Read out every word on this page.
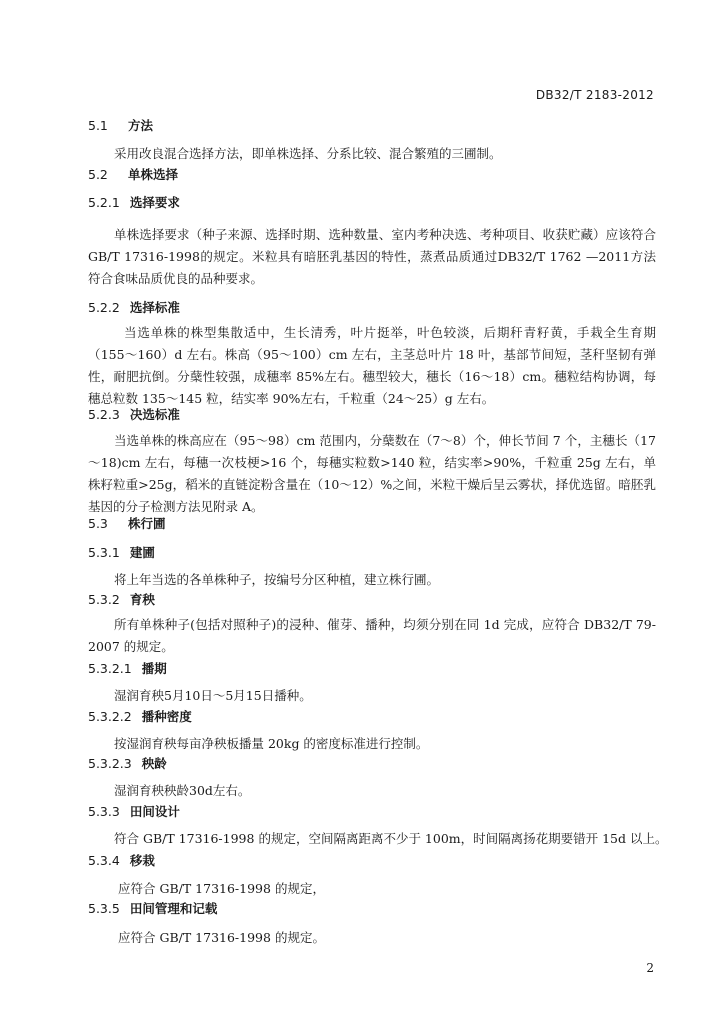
DB32/T 2183-2012
5.1 方法
采用改良混合选择方法，即单株选择、分系比较、混合繁殖的三圃制。
5.2 单株选择
5.2.1 选择要求
单株选择要求（种子来源、选择时期、选种数量、室内考种决选、考种项目、收获贮藏）应该符合GB/T 17316-1998的规定。米粒具有暗胚乳基因的特性，蒸煮品质通过DB32/T 1762 —2011方法符合食味品质优良的品种要求。
5.2.2 选择标准
当选单株的株型集散适中，生长清秀，叶片挺举，叶色较淡，后期秆青籽黄，手栽全生育期（155～160）d 左右。株高（95～100）cm 左右，主茎总叶片 18 叶，基部节间短，茎秆坚韧有弹性，耐肥抗倒。分蘖性较强，成穗率 85%左右。穗型较大，穗长（16～18）cm。穗粒结构协调，每穗总粒数 135～145 粒，结实率 90%左右，千粒重（24～25）g 左右。
5.2.3 决选标准
当选单株的株高应在（95～98）cm 范围内，分蘖数在（7～8）个，伸长节间 7 个，主穗长（17～18)cm 左右，每穗一次枝梗>16 个，每穗实粒数>140 粒，结实率>90%，千粒重 25g 左右，单株籽粒重>25g，稻米的直链淀粉含量在（10～12）%之间，米粒干燥后呈云雾状，择优选留。暗胚乳基因的分子检测方法见附录 A。
5.3 株行圃
5.3.1 建圃
将上年当选的各单株种子，按编号分区种植，建立株行圃。
5.3.2 育秧
所有单株种子(包括对照种子)的浸种、催芽、播种，均须分别在同 1d 完成，应符合 DB32/T 79-2007 的规定。
5.3.2.1 播期
湿润育秧5月10日～5月15日播种。
5.3.2.2 播种密度
按湿润育秧每亩净秧板播量 20kg 的密度标准进行控制。
5.3.2.3 秧龄
湿润育秧秧龄30d左右。
5.3.3 田间设计
符合 GB/T 17316-1998 的规定，空间隔离距离不少于 100m，时间隔离扬花期要错开 15d 以上。
5.3.4 移栽
应符合 GB/T 17316-1998 的规定，
5.3.5 田间管理和记载
应符合 GB/T 17316-1998 的规定。
2
